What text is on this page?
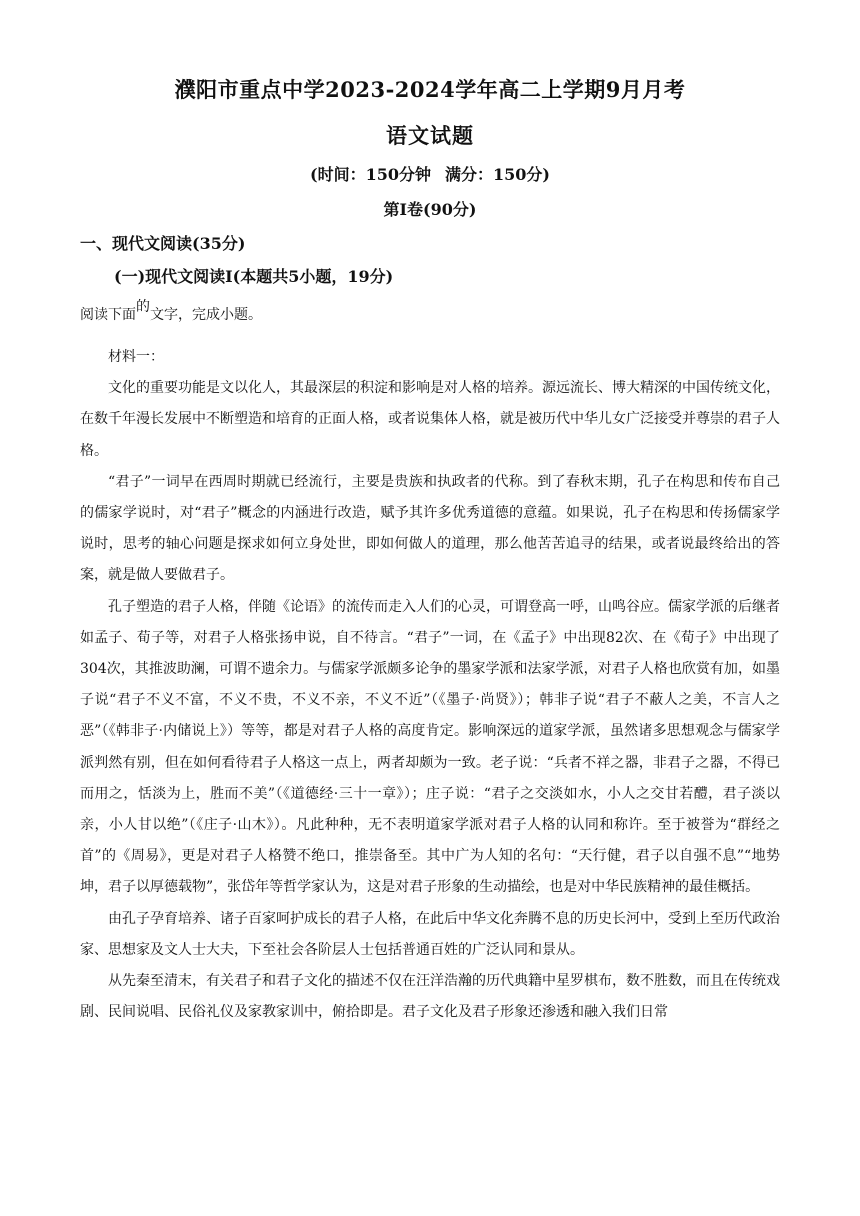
濮阳市重点中学2023-2024学年高二上学期9月月考
语文试题
(时间：150分钟 满分：150分)
第Ⅰ卷(90分)
一、现代文阅读(35分)
(一)现代文阅读Ⅰ(本题共5小题，19分)
阅读下面的文字，完成小题。

材料一：

文化的重要功能是文以化人，其最深层的积淀和影响是对人格的培养。源远流长、博大精深的中国传统文化，在数千年漫长发展中不断塑造和培育的正面人格，或者说集体人格，就是被历代中华儿女广泛接受并尊崇的君子人格。

“君子”一词早在西周时期就已经流行，主要是贵族和执政者的代称。到了春秋末期，孔子在构思和传布自己的儒家学说时，对“君子”概念的内涵进行改造，赋予其许多优秀道德的意蕴。如果说，孔子在构思和传扬儒家学说时，思考的轴心问题是探求如何立身处世，即如何做人的道理，那么他苦苦追寻的结果，或者说最终给出的答案，就是做人要做君子。

孔子塑造的君子人格，伴随《论语》的流传而走入人们的心灵，可谓登高一呼，山鸣谷应。儒家学派的后继者如孟子、荀子等，对君子人格张扬申说，自不待言。“君子”一词，在《孟子》中出现82次、在《荀子》中出现了304次，其推波助澜，可谓不遗余力。与儒家学派颇多论争的墨家学派和法家学派，对君子人格也欣赏有加，如墨子说“君子不义不富，不义不贵，不义不亲，不义不近”（《墨子·尚贤》）；韩非子说“君子不蔽人之美，不言人之恶”（《韩非子·内储说上》）等等，都是对君子人格的高度肯定。影响深远的道家学派，虽然诸多思想观念与儒家学派判然有别，但在如何看待君子人格这一点上，两者却颇为一致。老子说：“兵者不祥之器，非君子之器，不得已而用之，恬淡为上，胜而不美”（《道德经·三十一章》）；庄子说：“君子之交淡如水，小人之交甘若醴，君子淡以亲，小人甘以绝”（《庄子·山木》）。凡此种种，无不表明道家学派对君子人格的认同和称许。至于被誉为“群经之首”的《周易》，更是对君子人格赞不绝口，推崇备至。其中广为人知的名句：“天行健，君子以自强不息”“地势坤，君子以厚德载物”，张岱年等哲学家认为，这是对君子形象的生动描绘，也是对中华民族精神的最佳概括。

由孔子孕育培养、诸子百家呵护成长的君子人格，在此后中华文化奔腾不息的历史长河中，受到上至历代政治家、思想家及文人士大夫，下至社会各阶层人士包括普通百姓的广泛认同和景从。

从先秦至清末，有关君子和君子文化的描述不仅在汪洋浩瀚的历代典籍中星罗棋布，数不胜数，而且在传统戏剧、民间说唱、民俗礼仪及家教家训中，俯拾即是。君子文化及君子形象还渗透和融入我们日常
